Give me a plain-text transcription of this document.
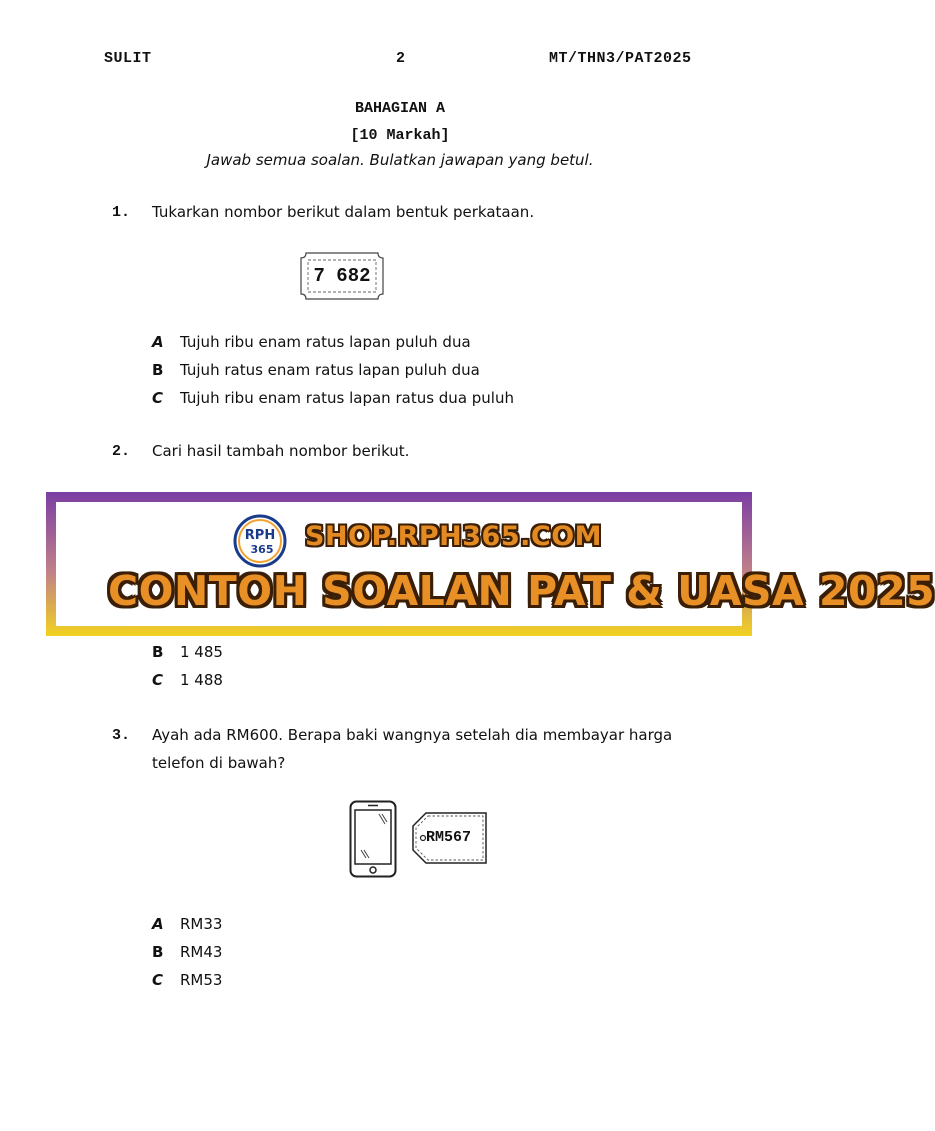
SULIT	2	MT/THN3/PAT2025
BAHAGIAN A
[10 Markah]
Jawab semua soalan. Bulatkan jawapan yang betul.
1. Tukarkan nombor berikut dalam bentuk perkataan.
7 682
A Tujuh ribu enam ratus lapan puluh dua
B Tujuh ratus enam ratus lapan puluh dua
C Tujuh ribu enam ratus lapan ratus dua puluh
2. Cari hasil tambah nombor berikut.
RPH
365 SHOP.RPH365.COM
CONTOH SOALAN PAT & UASA 2025
B 1 485
C 1 488
3. Ayah ada RM600. Berapa baki wangnya setelah dia membayar harga
telefon di bawah?
RM567
A RM33
B RM43
C RM53
